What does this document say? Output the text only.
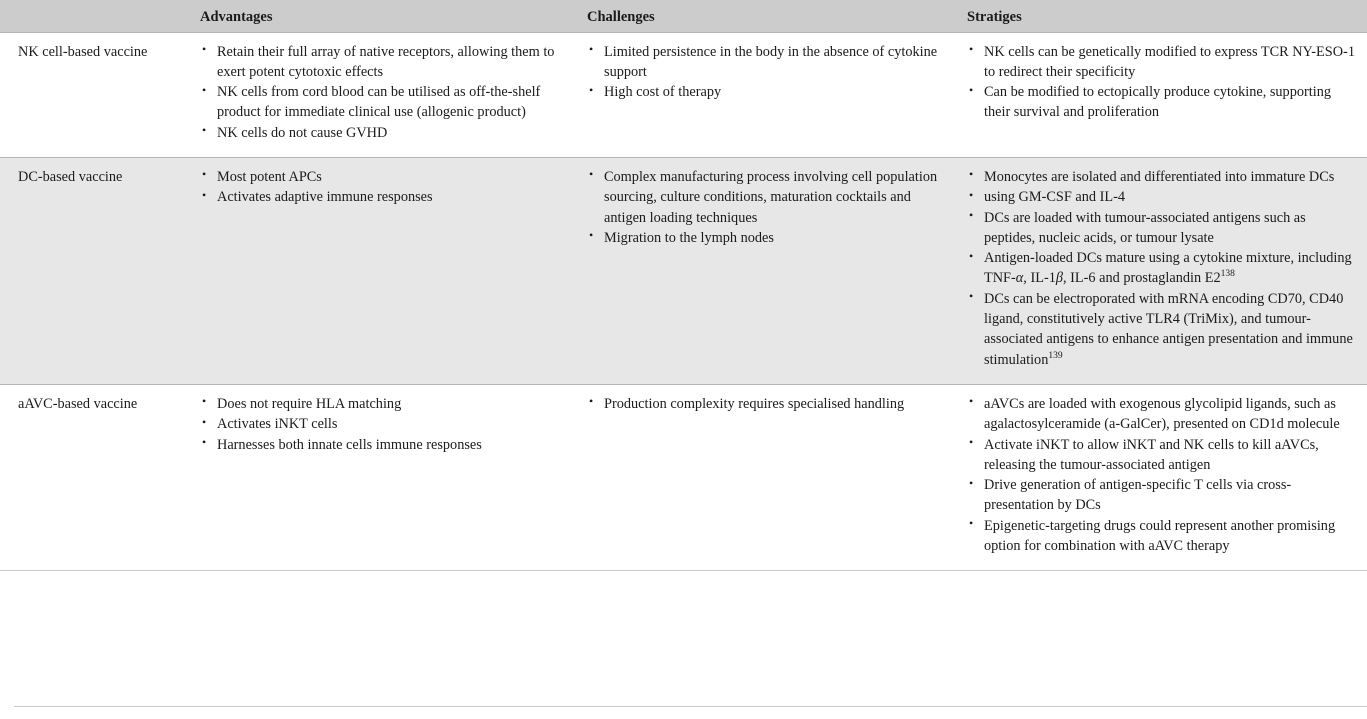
	Advantages	Challenges	Stratiges

NK cell-based vaccine

•Retain their full array of native receptors, allowing them to exert potent cytotoxic effects
• NK cells from cord blood can be utilised as off-the-shelf product for immediate clinical use (allogenic product)
• NK cells do not cause GVHD

• Limited persistence in the body in the absence of cytokine support
• High cost of therapy

• NK cells can be genetically modified to express TCR NY-ESO-1 to redirect their specificity
• Can be modified to ectopically produce cytokine, supporting their survival and proliferation

DC-based vaccine

•Most potent APCs
• Activates adaptive immune responses

• Complex manufacturing process involving cell population sourcing, culture conditions, maturation cocktails and antigen loading techniques
• Migration to the lymph nodes

• Monocytes are isolated and differentiated into immature DCs
• using GM-CSF and IL-4
• DCs are loaded with tumour-associated antigens such as peptides, nucleic acids, or tumour lysate
• Antigen-loaded DCs mature using a cytokine mixture, including TNF-α, IL-1β, IL-6 and prostaglandin $E2^{138}$
• DCs can be electroporated with mRNA encoding CD70, CD40 ligand, constitutively active TLR4 (TriMix), and tumour-associated antigens to enhance antigen presentation and immune stimulation$^{139}$

aAVC-based vaccine

•Does not require HLA matching
• Activates iNKT cells
• Harnesses both innate cells immune responses

• Production complexity requires specialised handling

•aAVCs are loaded with exogenous glycolipid ligands, such as agalactosylceramide (a-GalCer), presented on CD1d molecule
• Activate iNKT to allow iNKT and NK cells to kill aAVCs, releasing the tumour-associated antigen
• Drive generation of antigen-specific T cells via cross-presentation by DCs
• Epigenetic-targeting drugs could represent another promising option for combination with aAVC therapy
